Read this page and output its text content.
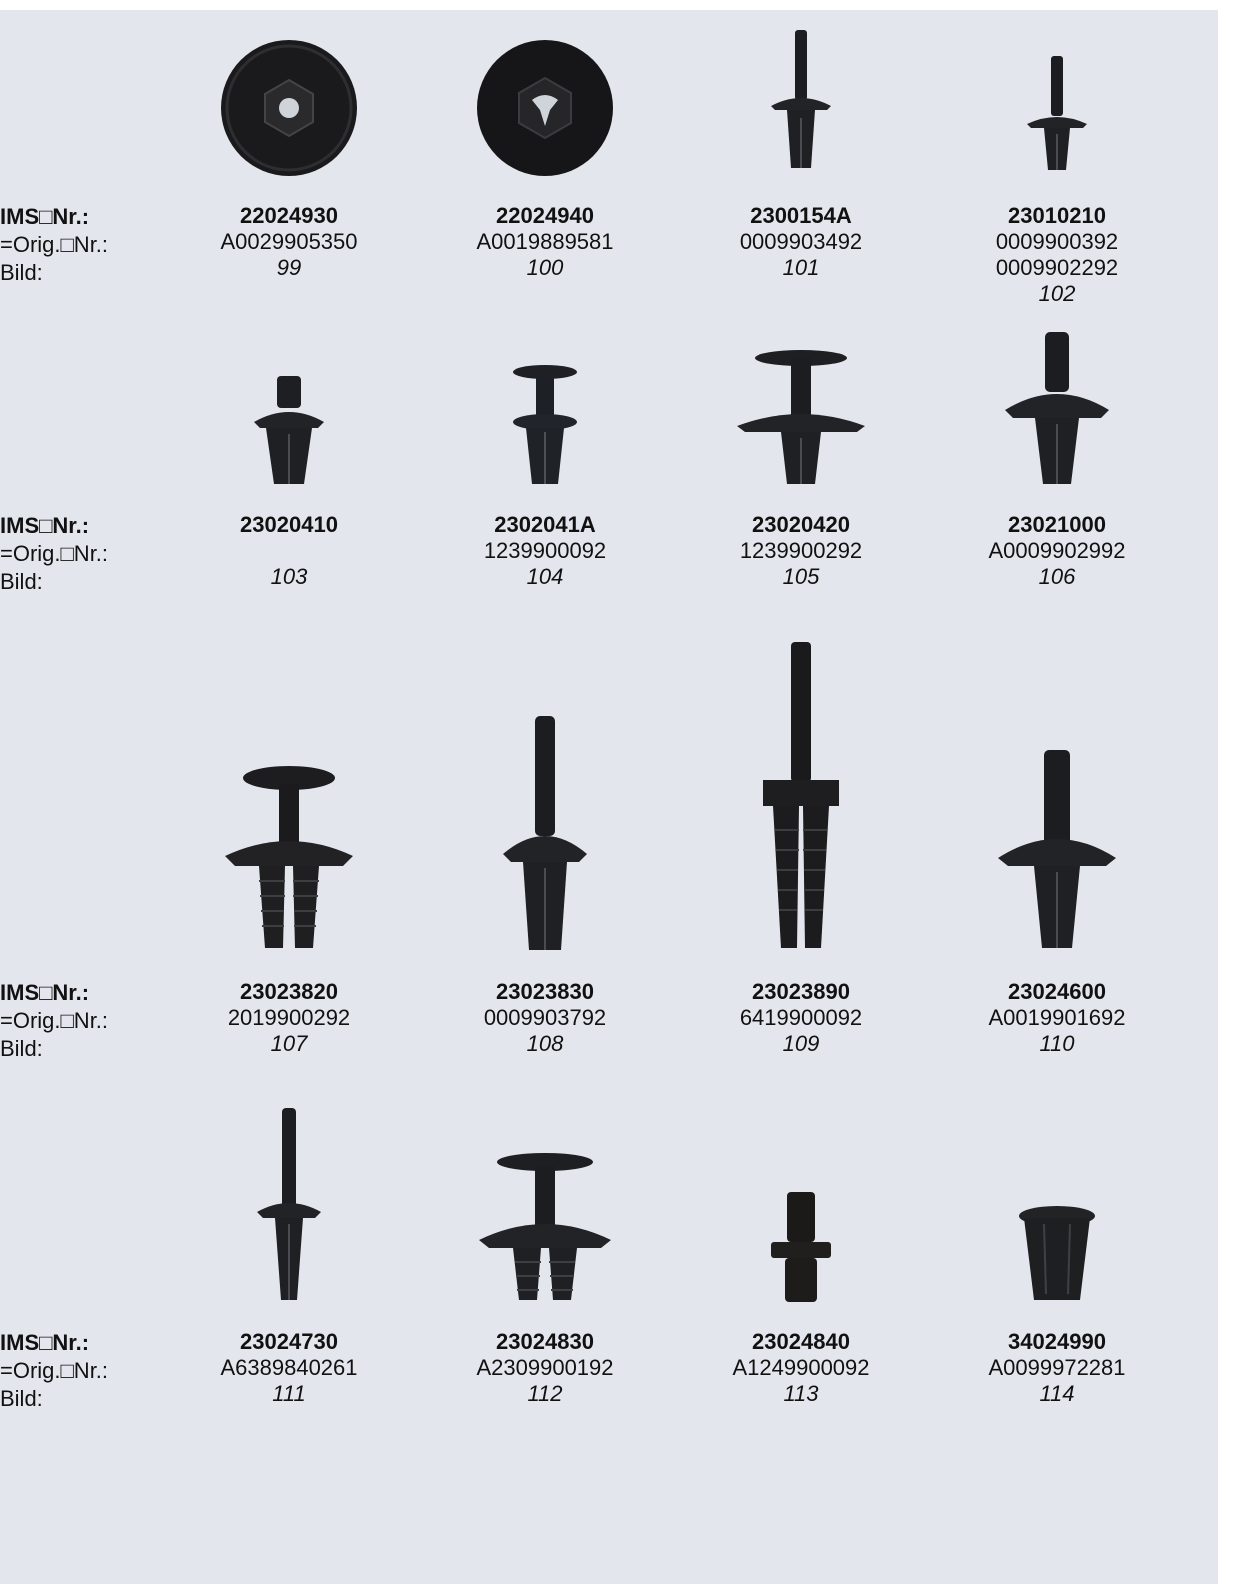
IMS□Nr.:
=Orig.□Nr.:
Bild:
IMS□Nr.:
=Orig.□Nr.:
Bild:
IMS□Nr.:
=Orig.□Nr.:
Bild:
IMS□Nr.:
=Orig.□Nr.:
Bild:
22024930
A0029905350
99
22024940
A0019889581
100
2300154A
0009903492
101
23010210
0009900392
0009902292
102
23020410

103
2302041A
1239900092
104
23020420
1239900292
105
23021000
A0009902992
106
23023820
2019900292
107
23023830
0009903792
108
23023890
6419900092
109
23024600
A0019901692
110
23024730
A6389840261
111
23024830
A2309900192
112
23024840
A1249900092
113
34024990
A0099972281
114
